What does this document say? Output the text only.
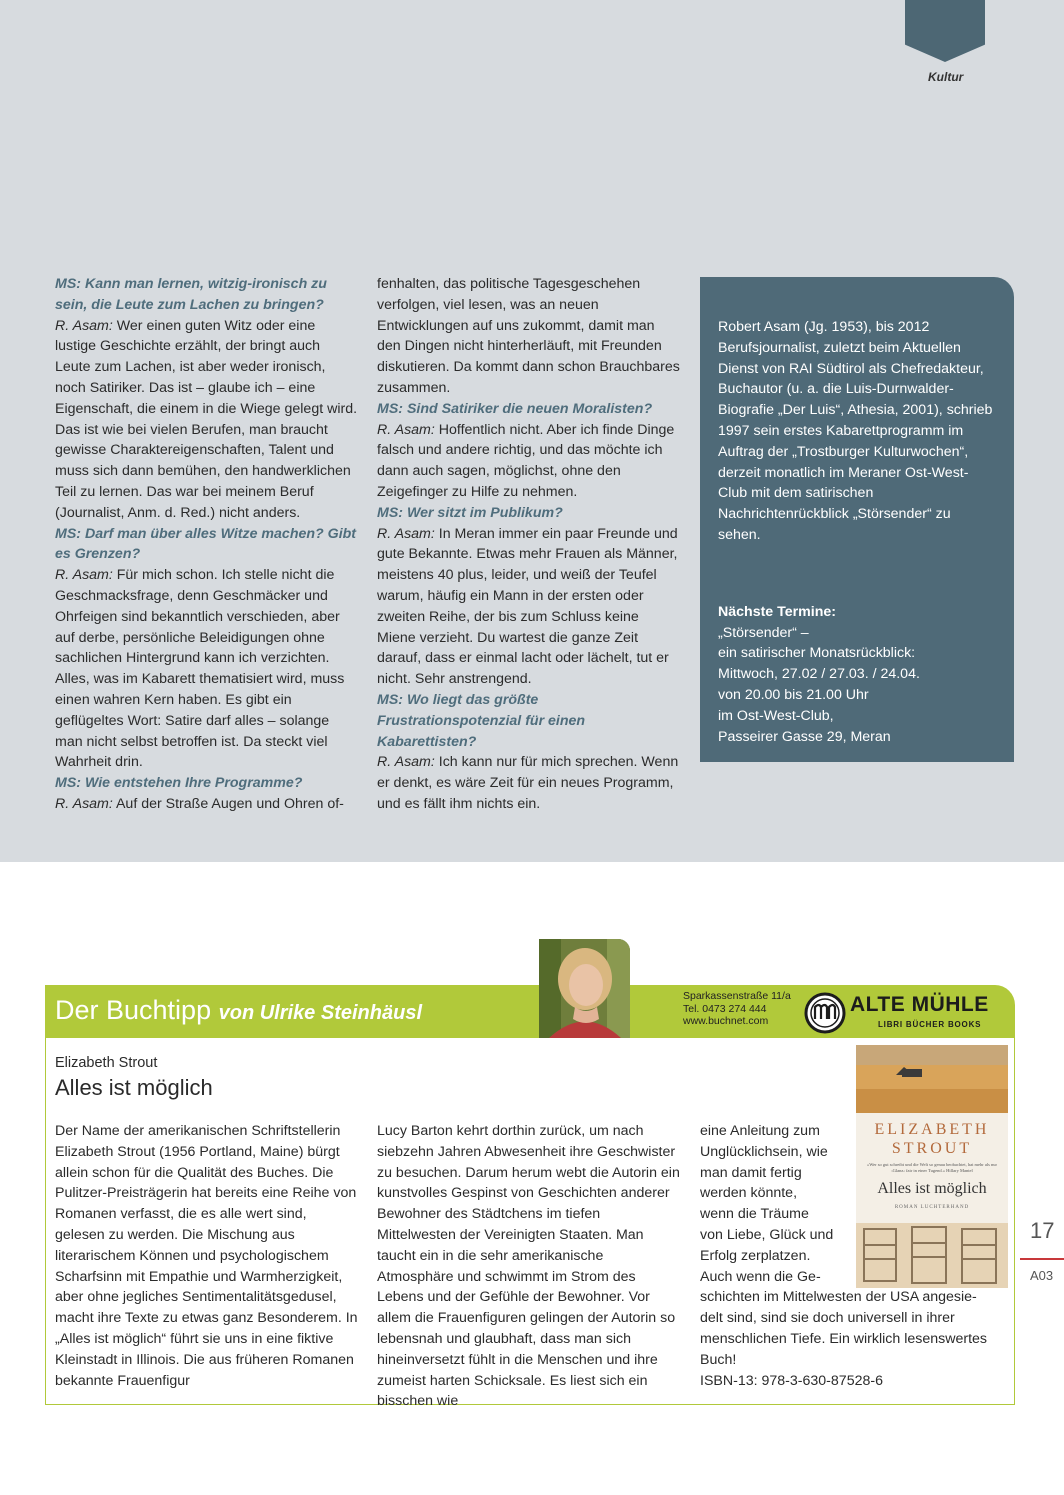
Kultur

MS: Kann man lernen, witzig-ironisch zu sein, die Leute zum Lachen zu bringen?

R. Asam: Wer einen guten Witz oder eine lustige Geschichte erzählt, der bringt auch Leute zum Lachen, ist aber weder ironisch, noch Satiriker. Das ist – glaube ich – eine Eigenschaft, die einem in die Wiege gelegt wird. Das ist wie bei vielen Berufen, man braucht gewisse Charaktereigenschaften, Talent und muss sich dann bemühen, den handwerklichen Teil zu lernen. Das war bei meinem Beruf (Journalist, Anm. d. Red.) nicht anders.

MS: Darf man über alles Witze machen? Gibt es Grenzen?

R. Asam: Für mich schon. Ich stelle nicht die Geschmacksfrage, denn Geschmäcker und Ohrfeigen sind bekanntlich verschieden, aber auf derbe, persönliche Beleidigungen ohne sachlichen Hintergrund kann ich verzichten. Alles, was im Kabarett thematisiert wird, muss einen wahren Kern haben. Es gibt ein geflügeltes Wort: Satire darf alles – solange man nicht selbst betroffen ist. Da steckt viel Wahrheit drin.

MS: Wie entstehen Ihre Programme?

R. Asam: Auf der Straße Augen und Ohren of-

fenhalten, das politische Tagesgeschehen verfolgen, viel lesen, was an neuen Entwicklungen auf uns zukommt, damit man den Dingen nicht hinterherläuft, mit Freunden diskutieren. Da kommt dann schon Brauchbares zusammen.

MS: Sind Satiriker die neuen Moralisten?

R. Asam: Hoffentlich nicht. Aber ich finde Dinge falsch und andere richtig, und das möchte ich dann auch sagen, möglichst, ohne den Zeigefinger zu Hilfe zu nehmen.

MS: Wer sitzt im Publikum?

R. Asam: In Meran immer ein paar Freunde und gute Bekannte. Etwas mehr Frauen als Männer, meistens 40 plus, leider, und weiß der Teufel warum, häufig ein Mann in der ersten oder zweiten Reihe, der bis zum Schluss keine Miene verzieht. Du wartest die ganze Zeit darauf, dass er einmal lacht oder lächelt, tut er nicht. Sehr anstrengend.

MS: Wo liegt das größte Frustrationspotenzial für einen Kabarettisten?

R. Asam: Ich kann nur für mich sprechen. Wenn er denkt, es wäre Zeit für ein neues Programm, und es fällt ihm nichts ein.

Robert Asam (Jg. 1953), bis 2012 Berufsjournalist, zuletzt beim Aktuellen Dienst von RAI Südtirol als Chefredakteur, Buchautor (u. a. die Luis-Durnwalder-Biografie „Der Luis“, Athesia, 2001), schrieb 1997 sein erstes Kabarettprogramm im Auftrag der „Trostburger Kulturwochen“, derzeit monatlich im Meraner Ost-West-Club mit dem satirischen Nachrichtenrückblick „Störsender“ zu sehen.

Nächste Termine:

„Störsender“ –
ein satirischer Monatsrückblick:
Mittwoch, 27.02 / 27.03. / 24.04.
von 20.00 bis 21.00 Uhr
im Ost-West-Club,
Passeirer Gasse 29, Meran
Der Buchtipp von Ulrike Steinhäusl
Sparkassenstraße 11/a
Tel. 0473 274 444
www.buchnet.com
ALTE MÜHLE
LIBRI BÜCHER BOOKS
Elizabeth Strout
Alles ist möglich
Der Name der amerikanischen Schriftstellerin Elizabeth Strout (1956 Portland, Maine) bürgt allein schon für die Qualität des Buches. Die Pulitzer-Preisträgerin hat bereits eine Reihe von Romanen verfasst, die es alle wert sind, gelesen zu werden. Die Mischung aus literarischem Können und psychologischem Scharfsinn mit Empathie und Warmherzigkeit, aber ohne jegliches Sentimentalitätsgedusel, macht ihre Texte zu etwas ganz Besonderem. In „Alles ist möglich“ führt sie uns in eine fiktive Kleinstadt in Illinois. Die aus früheren Romanen bekannte Frauenfigur
Lucy Barton kehrt dorthin zurück, um nach siebzehn Jahren Abwesenheit ihre Geschwister zu besuchen. Darum herum webt die Autorin ein kunstvolles Gespinst von Geschichten anderer Bewohner des Städtchens im tiefen Mittelwesten der Vereinigten Staaten. Man taucht ein in die sehr amerikanische Atmosphäre und schwimmt im Strom des Lebens und der Gefühle der Bewohner. Vor allem die Frauenfiguren gelingen der Autorin so lebensnah und glaubhaft, dass man sich hineinversetzt fühlt in die Menschen und ihre zumeist harten Schicksale. Es liest sich ein bisschen wie
eine Anleitung zum
Unglücklichsein, wie
man damit fertig
werden könnte,
wenn die Träume
von Liebe, Glück und
Erfolg zerplatzen.
Auch wenn die Ge-
schichten im Mittelwesten der USA angesie-
delt sind, sind sie doch universell in ihrer
menschlichen Tiefe. Ein wirklich lesenswertes
Buch!
ISBN-13: 978-3-630-87528-6
ELIZABETH STROUT
»Wer so gut schreibt und die Welt so genau beobachtet, hat mehr als nur ›Glanz‹ fair in einer Tugend.« Hillary Mantel
Alles ist möglich
ROMAN LUCHTERHAND
17
A03
